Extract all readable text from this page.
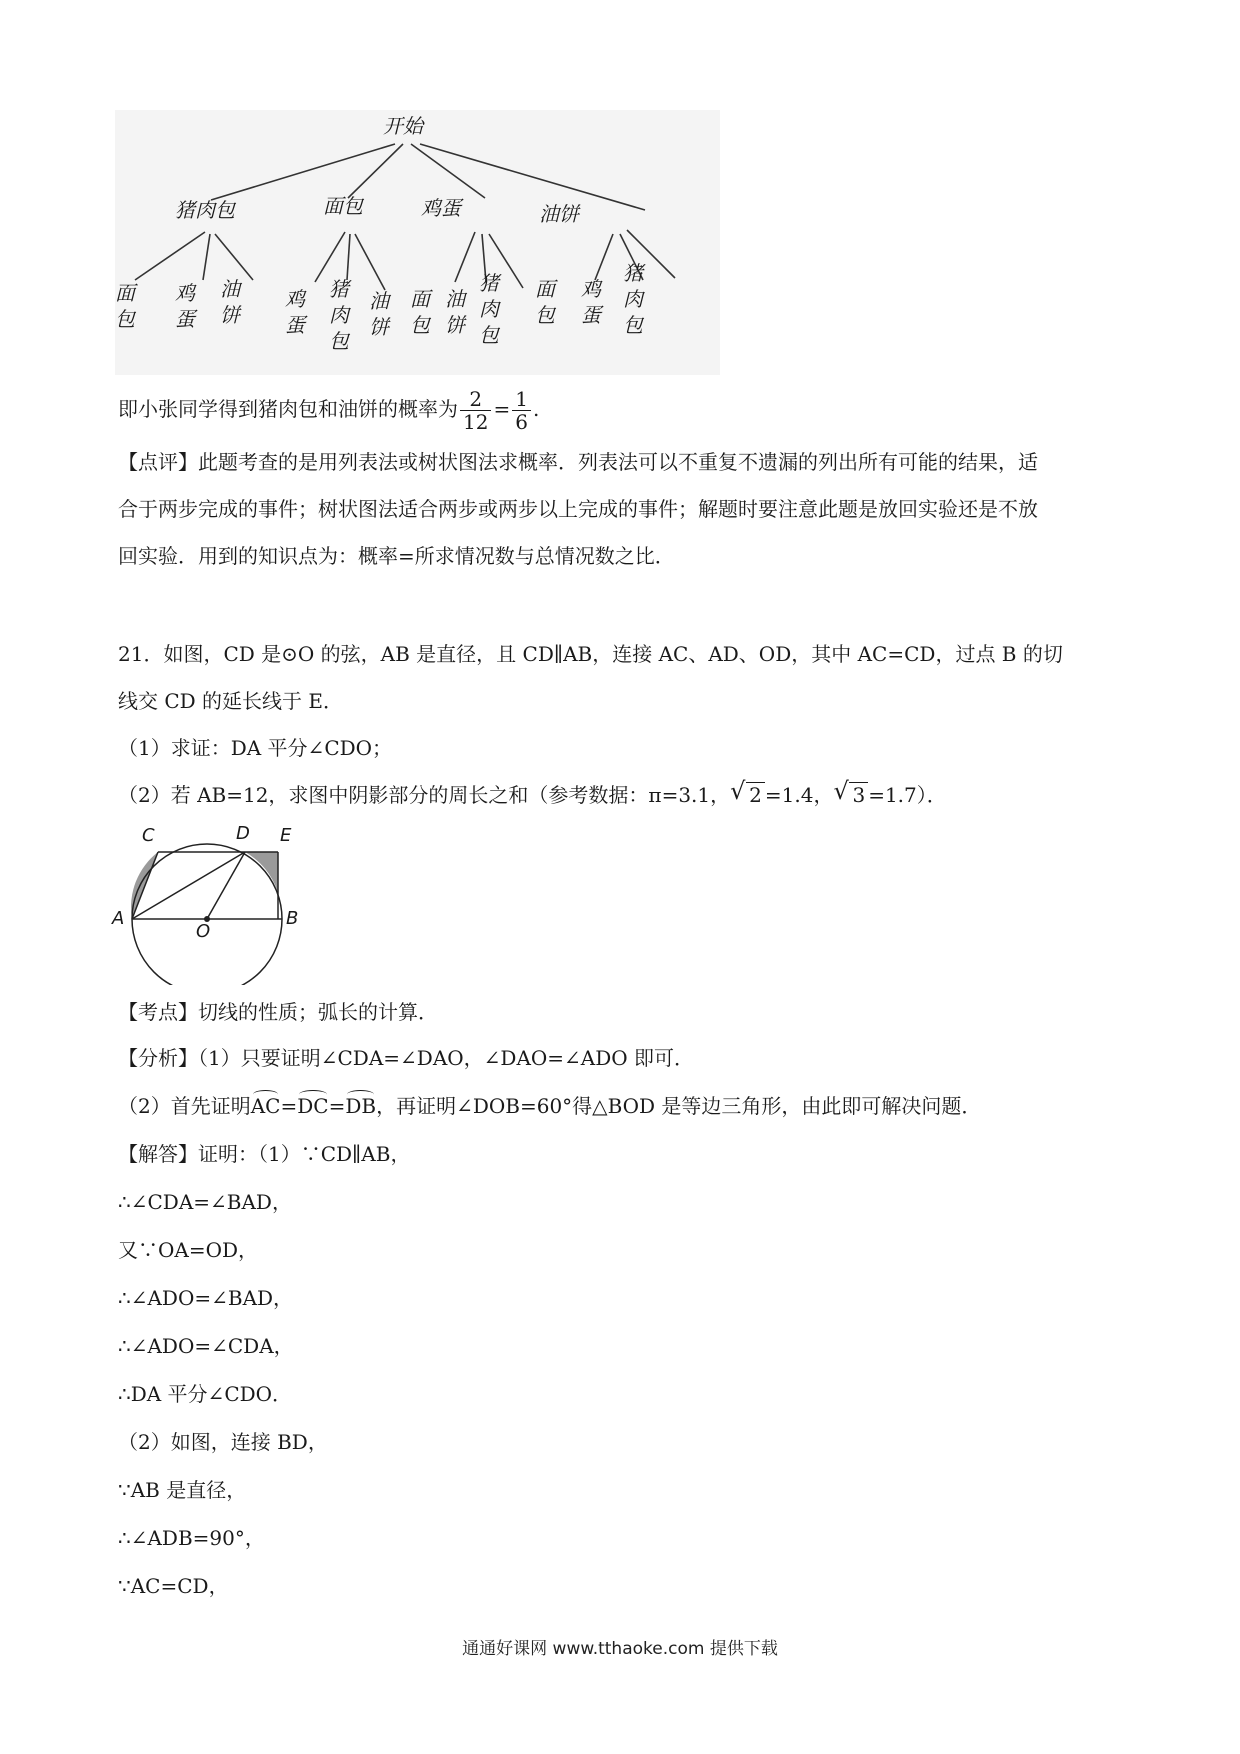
开始
猪肉包	面包	鸡蛋	油饼
面包
鸡蛋
油饼
鸡蛋
猪肉包
油饼
面包
油饼
猪肉包
面包
鸡蛋
猪肉包
即小张同学得到猪肉包和油饼的概率为 $\frac{2}{12} = \frac{1}{6}$ .
【点评】此题考查的是用列表法或树状图法求概率．列表法可以不重复不遗漏的列出所有可能的结果，适
合于两步完成的事件；树状图法适合两步或两步以上完成的事件；解题时要注意此题是放回实验还是不放
回实验．用到的知识点为：概率=所求情况数与总情况数之比．
21．如图，CD 是⊙O 的弦，AB 是直径，且 CD∥AB，连接 AC、AD、OD，其中 AC=CD，过点 B 的切
线交 CD 的延长线于 E．
（1）求证：DA 平分∠CDO；
（2）若 AB=12，求图中阴影部分的周长之和（参考数据：π=3.1， √ 2 =1.4， √ 3 =1.7）．
C	D E
A
O
B
【考点】切线的性质；弧长的计算．
【分析】（1）只要证明∠CDA=∠DAO，∠DAO=∠ADO 即可．
（2）首先证明AC=DC=DB，再证明∠DOB=60°得△BOD 是等边三角形，由此即可解决问题．
【解答】证明：（1）∵CD∥AB，
∴∠CDA=∠BAD，
又∵OA=OD，
∴∠ADO=∠BAD，
∴∠ADO=∠CDA，
∴DA 平分∠CDO．
（2）如图，连接 BD，
∵AB 是直径，
∴∠ADB=90°，
∵AC=CD，
通通好课网 www.tthaoke.com 提供下载
